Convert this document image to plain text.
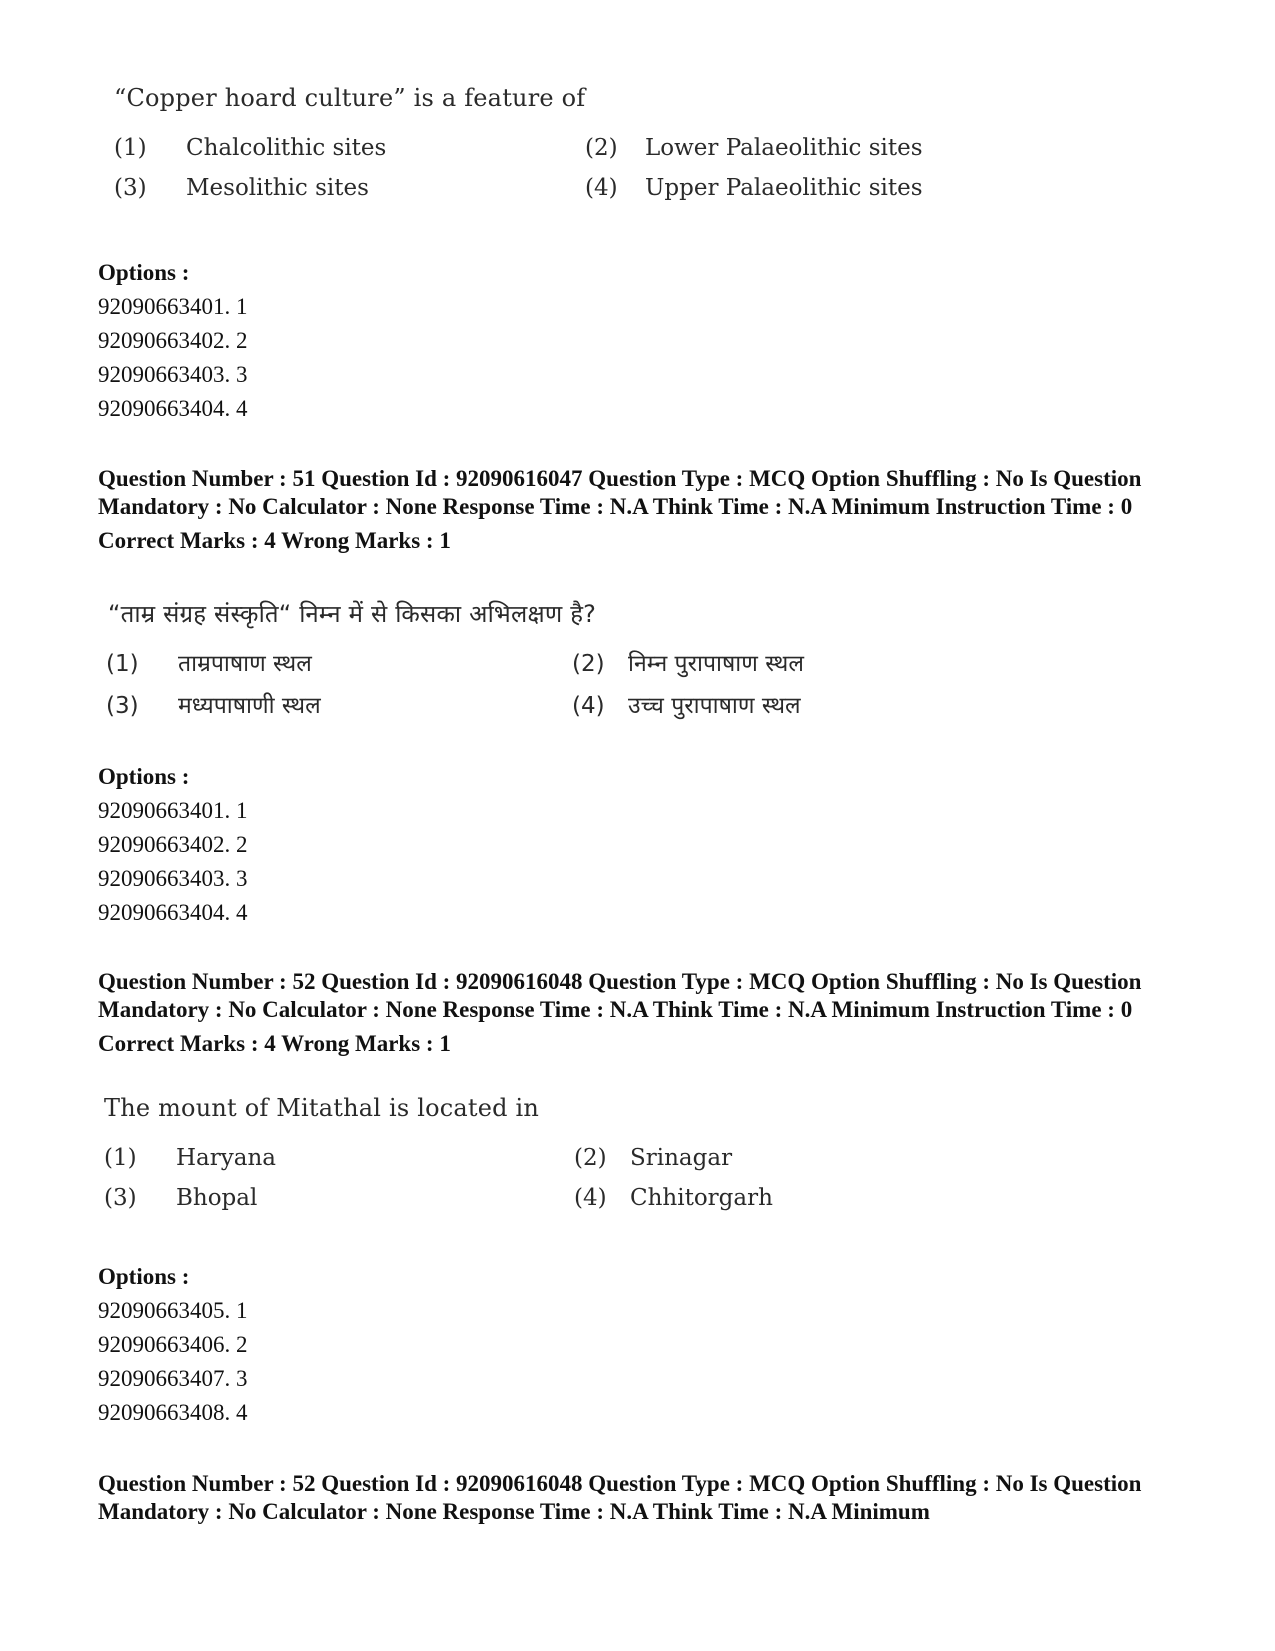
“Copper hoard culture” is a feature of
(1) Chalcolithic sites	(2) Lower Palaeolithic sites
(3) Mesolithic sites	(4) Upper Palaeolithic sites
Options :
92090663401. 1
92090663402. 2
92090663403. 3
92090663404. 4
Question Number : 51 Question Id : 92090616047 Question Type : MCQ Option Shuffling : No Is Question Mandatory : No Calculator : None Response Time : N.A Think Time : N.A Minimum Instruction Time : 0
Correct Marks : 4 Wrong Marks : 1
“ताम्र संग्रह संस्कृति“ निम्न में से किसका अभिलक्षण है?
(1) ताम्रपाषाण स्थल	(2) निम्न पुरापाषाण स्थल
(3) मध्यपाषाणी स्थल	(4) उच्च पुरापाषाण स्थल
Options :
92090663401. 1
92090663402. 2
92090663403. 3
92090663404. 4
Question Number : 52 Question Id : 92090616048 Question Type : MCQ Option Shuffling : No Is Question Mandatory : No Calculator : None Response Time : N.A Think Time : N.A Minimum Instruction Time : 0
Correct Marks : 4 Wrong Marks : 1
The mount of Mitathal is located in
(1) Haryana	(2) Srinagar
(3) Bhopal	(4) Chhitorgarh
Options :
92090663405. 1
92090663406. 2
92090663407. 3
92090663408. 4
Question Number : 52 Question Id : 92090616048 Question Type : MCQ Option Shuffling : No Is Question Mandatory : No Calculator : None Response Time : N.A Think Time : N.A Minimum
